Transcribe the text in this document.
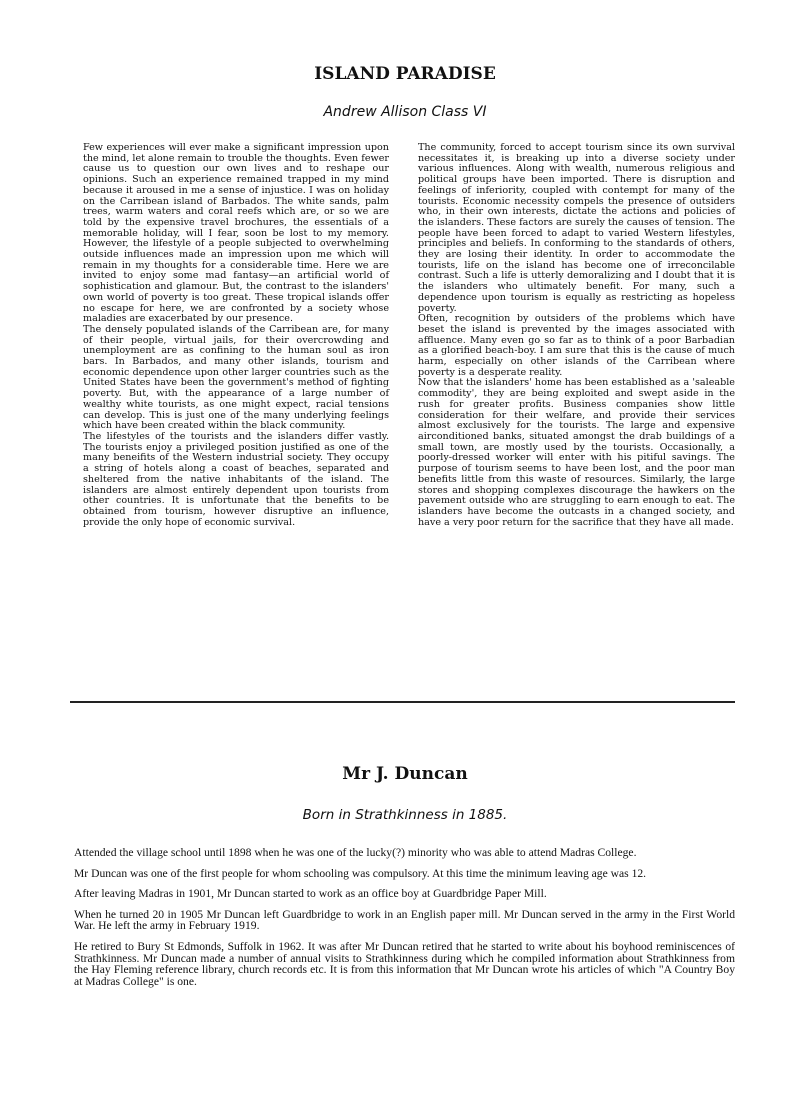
ISLAND PARADISE
Andrew Allison Class VI

Few experiences will ever make a significant impression upon the mind, let alone remain to trouble the thoughts. Even fewer cause us to question our own lives and to reshape our opinions. Such an experience remained trapped in my mind because it aroused in me a sense of injustice. I was on holiday on the Carribean island of Barbados. The white sands, palm trees, warm waters and coral reefs which are, or so we are told by the expensive travel brochures, the essentials of a memorable holiday, will I fear, soon be lost to my memory. However, the lifestyle of a people subjected to overwhelming outside influences made an impression upon me which will remain in my thoughts for a considerable time. Here we are invited to enjoy some mad fantasy—an artificial world of sophistication and glamour. But, the contrast to the islanders' own world of poverty is too great. These tropical islands offer no escape for here, we are confronted by a society whose maladies are exacerbated by our presence.

The densely populated islands of the Carribean are, for many of their people, virtual jails, for their overcrowding and unemployment are as confining to the human soul as iron bars. In Barbados, and many other islands, tourism and economic dependence upon other larger countries such as the United States have been the government's method of fighting poverty. But, with the appearance of a large number of wealthy white tourists, as one might expect, racial tensions can develop. This is just one of the many underlying feelings which have been created within the black community.

The lifestyles of the tourists and the islanders differ vastly. The tourists enjoy a privileged position justified as one of the many beneifits of the Western industrial society. They occupy a string of hotels along a coast of beaches, separated and sheltered from the native inhabitants of the island. The islanders are almost entirely dependent upon tourists from other countries. It is unfortunate that the benefits to be obtained from tourism, however disruptive an influence, provide the only hope of economic survival.

The community, forced to accept tourism since its own survival necessitates it, is breaking up into a diverse society under various influences. Along with wealth, numerous religious and political groups have been imported. There is disruption and feelings of inferiority, coupled with contempt for many of the tourists. Economic necessity compels the presence of outsiders who, in their own interests, dictate the actions and policies of the islanders. These factors are surely the causes of tension. The people have been forced to adapt to varied Western lifestyles, principles and beliefs. In conforming to the standards of others, they are losing their identity. In order to accommodate the tourists, life on the island has become one of irreconcilable contrast. Such a life is utterly demoralizing and I doubt that it is the islanders who ultimately benefit. For many, such a dependence upon tourism is equally as restricting as hopeless poverty.

Often, recognition by outsiders of the problems which have beset the island is prevented by the images associated with affluence. Many even go so far as to think of a poor Barbadian as a glorified beach-boy. I am sure that this is the cause of much harm, especially on other islands of the Carribean where poverty is a desperate reality.

Now that the islanders' home has been established as a 'saleable commodity', they are being exploited and swept aside in the rush for greater profits. Business companies show little consideration for their welfare, and provide their services almost exclusively for the tourists. The large and expensive airconditioned banks, situated amongst the drab buildings of a small town, are mostly used by the tourists. Occasionally, a poorly-dressed worker will enter with his pitiful savings. The purpose of tourism seems to have been lost, and the poor man benefits little from this waste of resources. Similarly, the large stores and shopping complexes discourage the hawkers on the pavement outside who are struggling to earn enough to eat. The islanders have become the outcasts in a changed society, and have a very poor return for the sacrifice that they have all made.

Mr J. Duncan
Born in Strathkinness in 1885.

Attended the village school until 1898 when he was one of the lucky(?) minority who was able to attend Madras College.

Mr Duncan was one of the first people for whom schooling was compulsory. At this time the minimum leaving age was 12.

After leaving Madras in 1901, Mr Duncan started to work as an office boy at Guardbridge Paper Mill.

When he turned 20 in 1905 Mr Duncan left Guardbridge to work in an English paper mill. Mr Duncan served in the army in the First World War. He left the army in February 1919.

He retired to Bury St Edmonds, Suffolk in 1962. It was after Mr Duncan retired that he started to write about his boyhood reminiscences of Strathkinness. Mr Duncan made a number of annual visits to Strathkinness during which he compiled information about Strathkinness from the Hay Fleming reference library, church records etc. It is from this information that Mr Duncan wrote his articles of which "A Country Boy at Madras College" is one.
